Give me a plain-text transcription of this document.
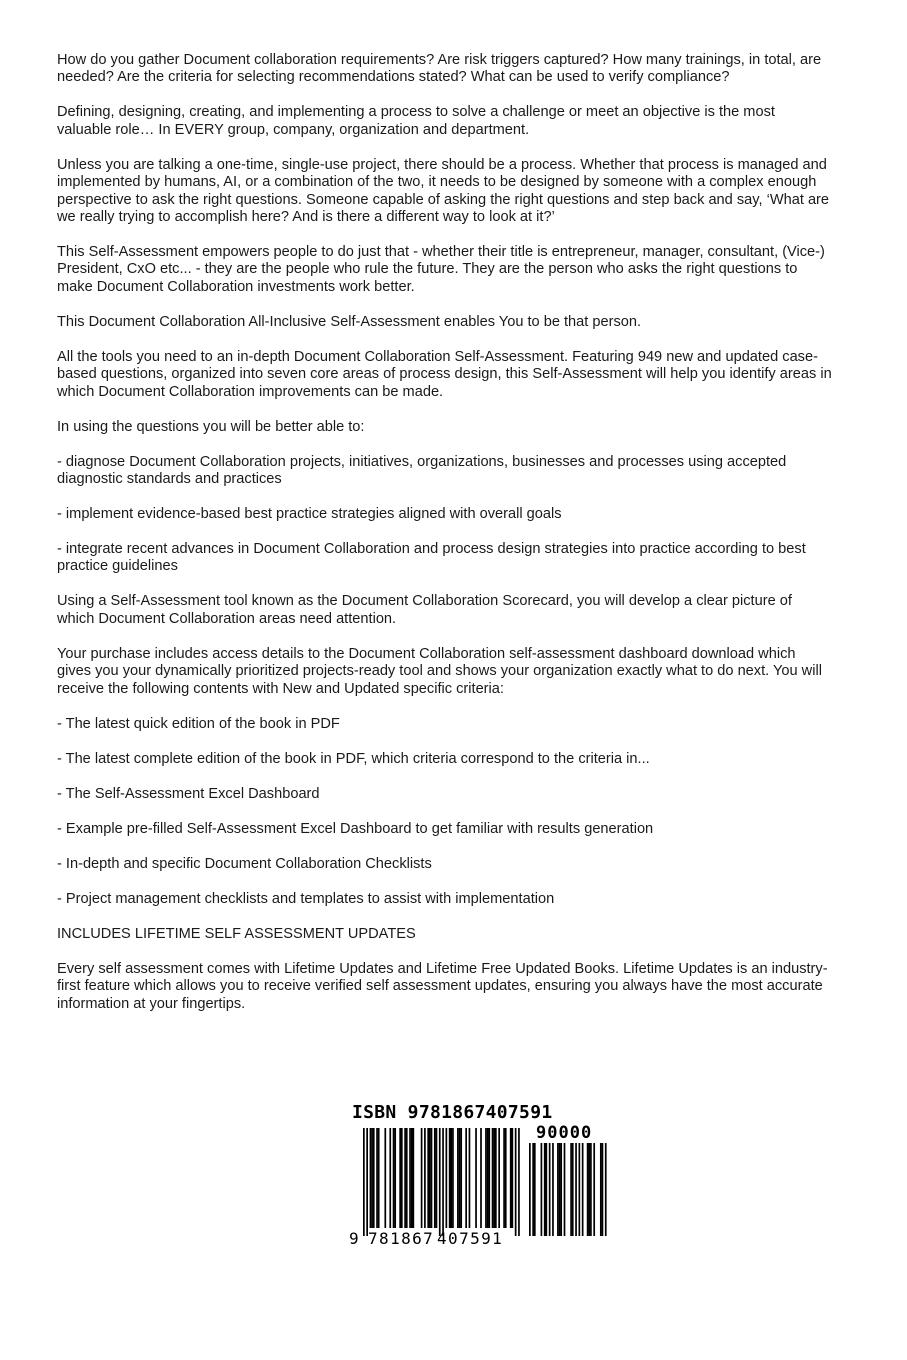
How do you gather Document collaboration requirements? Are risk triggers captured? How many trainings, in total, are needed? Are the criteria for selecting recommendations stated? What can be used to verify compliance?

Defining, designing, creating, and implementing a process to solve a challenge or meet an objective is the most valuable role… In EVERY group, company, organization and department.

Unless you are talking a one-time, single-use project, there should be a process. Whether that process is managed and implemented by humans, AI, or a combination of the two, it needs to be designed by someone with a complex enough perspective to ask the right questions. Someone capable of asking the right questions and step back and say, ‘What are we really trying to accomplish here? And is there a different way to look at it?’

This Self-Assessment empowers people to do just that - whether their title is entrepreneur, manager, consultant, (Vice-) President, CxO etc... - they are the people who rule the future. They are the person who asks the right questions to make Document Collaboration investments work better.

This Document Collaboration All-Inclusive Self-Assessment enables You to be that person.

All the tools you need to an in-depth Document Collaboration Self-Assessment. Featuring 949 new and updated case-based questions, organized into seven core areas of process design, this Self-Assessment will help you identify areas in which Document Collaboration improvements can be made.

In using the questions you will be better able to:

- diagnose Document Collaboration projects, initiatives, organizations, businesses and processes using accepted diagnostic standards and practices

- implement evidence-based best practice strategies aligned with overall goals

- integrate recent advances in Document Collaboration and process design strategies into practice according to best practice guidelines

Using a Self-Assessment tool known as the Document Collaboration Scorecard, you will develop a clear picture of which Document Collaboration areas need attention.

Your purchase includes access details to the Document Collaboration self-assessment dashboard download which gives you your dynamically prioritized projects-ready tool and shows your organization exactly what to do next. You will receive the following contents with New and Updated specific criteria:

- The latest quick edition of the book in PDF

- The latest complete edition of the book in PDF, which criteria correspond to the criteria in...

- The Self-Assessment Excel Dashboard

- Example pre-filled Self-Assessment Excel Dashboard to get familiar with results generation

- In-depth and specific Document Collaboration Checklists

- Project management checklists and templates to assist with implementation

INCLUDES LIFETIME SELF ASSESSMENT UPDATES

Every self assessment comes with Lifetime Updates and Lifetime Free Updated Books. Lifetime Updates is an industry-first feature which allows you to receive verified self assessment updates, ensuring you always have the most accurate information at your fingertips.

ISBN 9781867407591
90000
9 781867 407591
